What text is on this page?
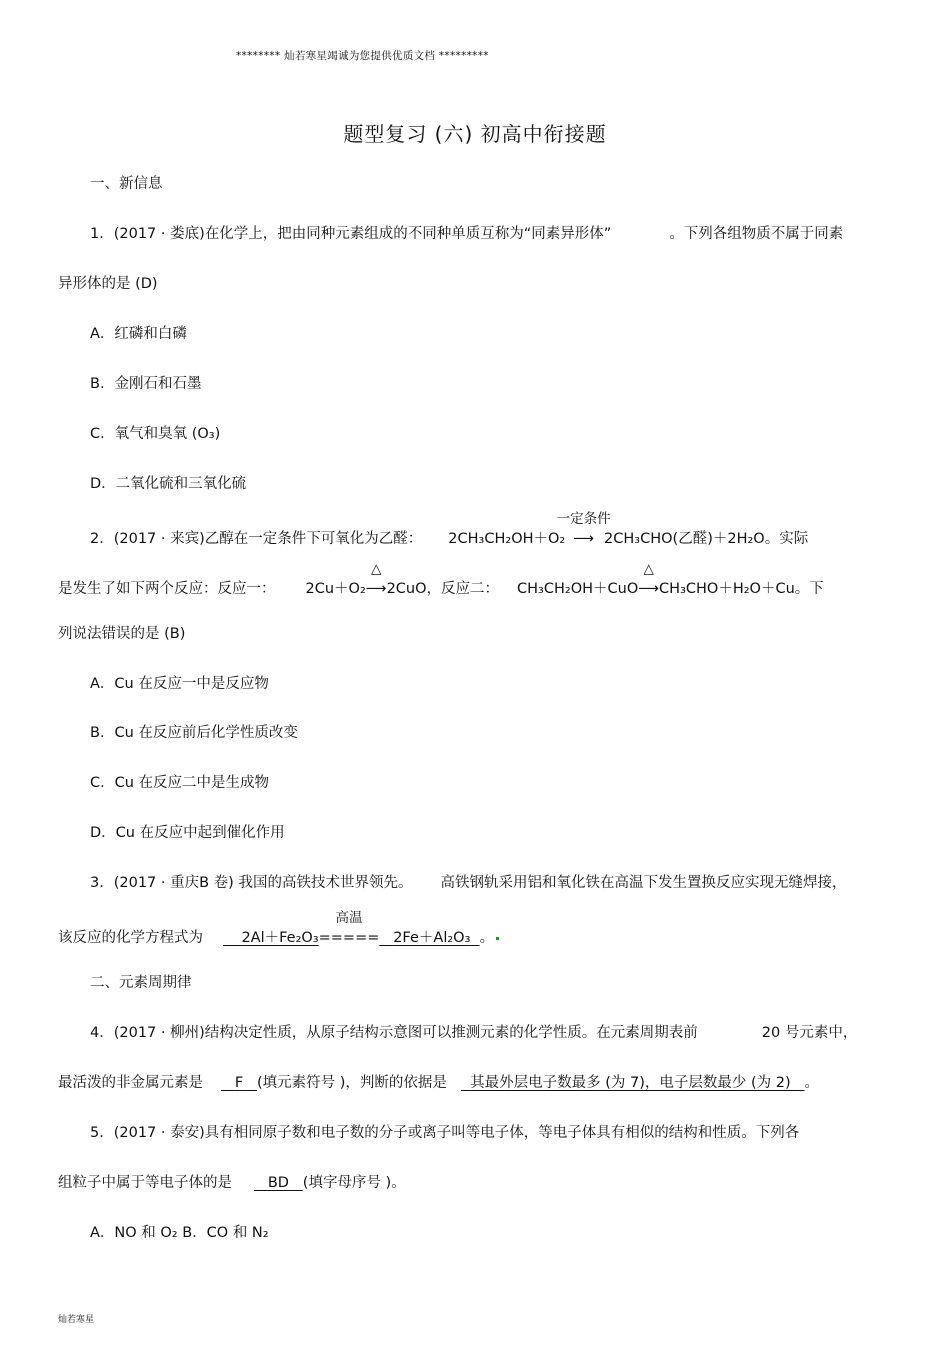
******** 灿若寒星竭诚为您提供优质文档 *********
题型复习 (六) 初高中衔接题
一、新信息
1．(2017 · 娄底)在化学上，把由同种元素组成的不同种单质互称为“同素异形体”	。下列各组物质不属于同素
异形体的是 (D)
A．红磷和白磷
B．金刚石和石墨
C．氧气和臭氧 (O₃)
D．二氧化硫和三氧化硫
2．(2017 · 来宾)乙醇在一定条件下可氧化为乙醛： 2CH₃CH₂OH＋O₂
一定条件
⟶ 2CH₃CHO(乙醛)＋2H₂O。实际
是发生了如下两个反应：反应一： 2Cu＋O₂
△
⟶2CuO，反应二： CH₃CH₂OH＋CuO
△
⟶CH₃CHO＋H₂O＋Cu。下
列说法错误的是 (B)
A．Cu 在反应一中是反应物
B．Cu 在反应前后化学性质改变
C．Cu 在反应二中是生成物
D．Cu 在反应中起到催化作用
3．(2017 · 重庆B 卷) 我国的高铁技术世界领先。 高铁钢轨采用铝和氧化铁在高温下发生置换反应实现无缝焊接，
该反应的化学方程式为	2Al＋Fe₂O₃
高温
===== 2Fe＋Al₂O₃ 。
二、元素周期律
4．(2017 · 柳州)结构决定性质，从原子结构示意图可以推测元素的化学性质。在元素周期表前	20 号元素中，
最活泼的非金属元素是 F (填元素符号 )，判断的依据是 其最外层电子数最多 (为 7)，电子层数最少 (为 2) 。
5．(2017 · 泰安)具有相同原子数和电子数的分子或离子叫等电子体，等电子体具有相似的结构和性质。下列各
组粒子中属于等电子体的是 BD (填字母序号 )。
A．NO 和 O₂ B．CO 和 N₂
灿若寒星
